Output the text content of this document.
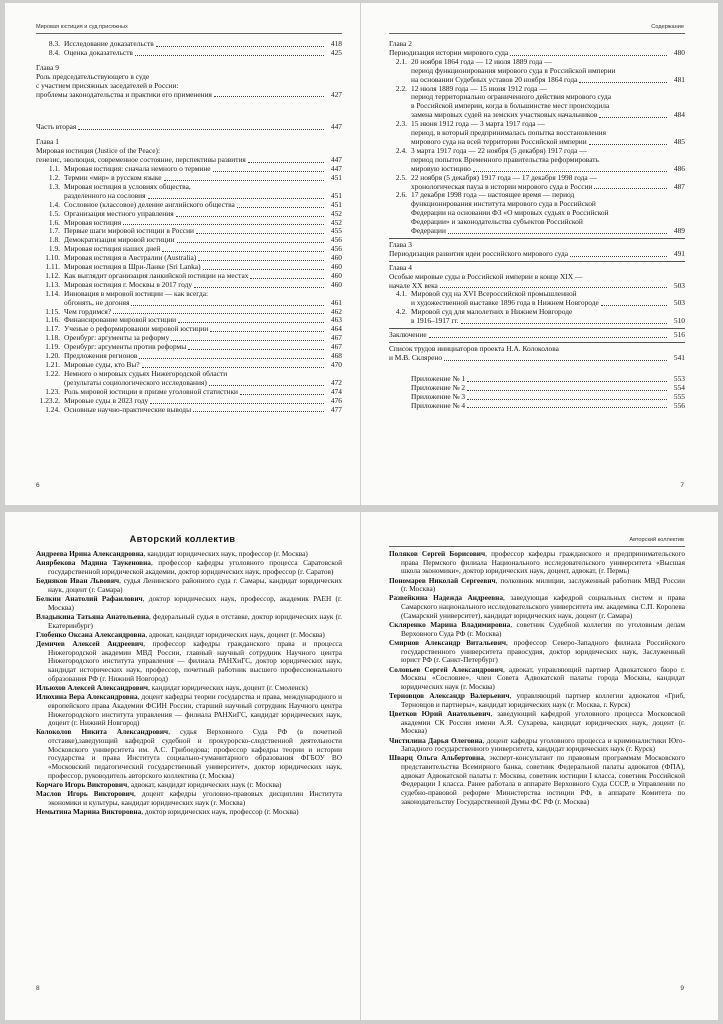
Мировая юстиция и суд присяжных
8.3. Исследование доказательств	418
8.4. Оценка доказательств	425
Глава 9
Роль председательствующего в суде
с участием присяжных заседателей в России:
проблемы законодательства и практики его применения	427
Часть вторая	447
Глава 1
Мировая юстиция (Justice of the Peace):
генезис, эволюция, современное состояние, перспективы развития	447
1.1. Мировая юстиция: сначала немного о термине	447
1.2. Термин «мир» в русском языке	451
1.3. Мировая юстиция в условиях общества,
разделенного на сословия	451
1.4. Сословное (классовое) деление английского общества	451
1.5. Организация местного управления	452
1.6. Мировая юстиция	452
1.7. Первые шаги мировой юстиции в России	455
1.8. Демократизация мировой юстиции	456
1.9. Мировая юстиция наших дней	456
1.10. Мировая юстиция в Австралии (Australia)	460
1.11. Мировая юстиция в Шри-Ланке (Sri Lanka)	460
1.12. Как выглядит организация ланкийской юстиции на местах	460
1.13. Мировая юстиция г. Москвы в 2017 году	460
1.14. Инновация в мировой юстиции — как всегда:
обгонять, не догоняя	461
1.15. Чем гордимся?	462
1.16. Финансирование мировой юстиции	463
1.17. Ученые о реформировании мировой юстиции	464
1.18. Оренбург: аргументы за реформу	467
1.19. Оренбург: аргументы против реформы	467
1.20. Предложения регионов	468
1.21. Мировые суды, кто Вы?	470
1.22. Немного о мировых судьях Нижегородской области
(результаты социологического исследования)	472
1.23. Роль мировой юстиции в призме уголовной статистики	474
1.23.2. Мировые суды в 2023 году	476
1.24. Основные научно-практические выводы	477
6
Содержание
Глава 2
Периодизация истории мирового суда	480
2.1. 20 ноября 1864 года — 12 июля 1889 года —
период функционирования мирового суда в Российской империи
на основании Судебных уставов 20 ноября 1864 года	481
2.2. 12 июля 1889 года — 15 июня 1912 года —
период территориально ограниченного действия мирового суда
в Российской империи, когда в большинстве мест происходила
замена мировых судей на земских участковых начальников	484
2.3. 15 июня 1912 года — 3 марта 1917 года —
период, в который предпринималась попытка восстановления
мирового суда на всей территории Российской империи	485
2.4. 3 марта 1917 года — 22 ноября (5 декабря) 1917 года —
период попыток Временного правительства реформировать
мировую юстицию	486
2.5. 22 ноября (5 декабря) 1917 года — 17 декабря 1998 года —
хронологическая пауза в истории мирового суда в России	487
2.6. 17 декабря 1998 года — настоящее время — период
функционирования института мирового суда в Российской
Федерации на основании ФЗ «О мировых судьях в Российской
Федерации» и законодательства субъектов Российской
Федерации	489
Глава 3
Периодизация развития идеи российского мирового суда	491
Глава 4
Особые мировые суды в Российской империи в конце XIX —
начале XX века	503
4.1. Мировой суд на XVI Всероссийской промышленной
и художественной выставке 1896 года в Нижнем Новгороде	503
4.2. Мировой суд для малолетних в Нижнем Новгороде
в 1916–1917 гг.	510
Заключение	516
Список трудов инициаторов проекта Н.А. Колоколова
и М.В. Склярено	541
Приложение № 1	553
Приложение № 2	554
Приложение № 3	555
Приложение № 4	556
7
Авторский коллектив
Андреева Ирина Александровна, кандидат юридических наук, профессор (г. Москва)
Анярбекова Мадина Таукеновна, профессор кафедры уголовного процесса Саратовской государственной юридической академии, доктор юридических наук, профессор (г. Саратов)
Бедняков Иван Львович, судья Ленинского районного суда г. Самары, кандидат юридических наук, доцент (г. Самара)
Белкин Анатолий Рафаилович, доктор юридических наук, профессор, академик РАЕН (г. Москва)
Владыкина Татьяна Анатольевна, федеральный судья в отставке, доктор юридических наук (г. Екатеринбург)
Глобенко Оксана Александровна, адвокат, кандидат юридических наук, доцент (г. Москва)
Демичев Алексей Андреевич, профессор кафедры гражданского права и процесса Нижегородской академии МВД России, главный научный сотрудник Научного центра Нижегородского института управления — филиала РАНХиГС, доктор юридических наук, кандидат исторических наук, профессор, почетный работник высшего профессионального образования РФ (г. Нижний Новгород)
Ильюхов Алексей Александрович, кандидат юридических наук, доцент (г. Смоленск)
Илюхина Вера Александровна, доцент кафедры теории государства и права, международного и европейского права Академии ФСИН России, старший научный сотрудник Научного центра Нижегородского института управления — филиала РАНХиГС, кандидат юридических наук, доцент (г. Нижний Новгород)
Колоколов Никита Александрович, судья Верховного Суда РФ (в почетной отставке),заведующий кафедрой судебной и прокурорско-следственной деятельности Московского университета им. А.С. Грибоедова; профессор кафедры теории и истории государства и права Института социально-гуманитарного образования ФГБОУ ВО «Московский педагогический государственный университет», доктор юридических наук, профессор, руководитель авторского коллектива (г. Москва)
Корчаго Игорь Викторович, адвокат, кандидат юридических наук (г. Москва)
Маслов Игорь Викторович, доцент кафедры уголовно-правовых дисциплин Института экономики и культуры, кандидат юридических наук (г. Москва)
Немытина Марина Викторовна, доктор юридических наук, профессор (г. Москва)
8
Авторский коллектив
Поляков Сергей Борисович, профессор кафедры гражданского и предпринимательского права Пермского филиала Национального исследовательского университета «Высшая школа экономики», доктор юридических наук, доцент, адвокат, (г. Пермь)
Пономарев Николай Сергеевич, полковник милиции, заслуженный работник МВД России (г. Москва)
Развейкина Надежда Андреевна, заведующая кафедрой социальных систем и права Самарского национального исследовательского университета им. академика С.П. Королева (Самарский университет), кандидат юридических наук, доцент (г. Самара)
Скляренко Марина Владимировна, советник Судебной коллегии по уголовным делам Верховного Суда РФ (г. Москва)
Смирнов Александр Витальевич, профессор Северо-Западного филиала Российского государственного университета правосудия, доктор юридических наук, Заслуженный юрист РФ (г. Санкт-Петербург)
Соловьев Сергей Александрович, адвокат, управляющий партнер Адвокатского бюро г. Москвы «Сословие», член Совета Адвокатской палаты города Москвы, кандидат юридических наук (г. Москва)
Терновцов Александр Валерьевич, управляющий партнер коллегии адвокатов «Гриб, Терновцов и партнеры», кандидат юридических наук (г. Москва, г. Курск)
Цветков Юрий Анатольевич, заведующий кафедрой уголовного процесса Московской академии СК России имени А.Я. Сухарева, кандидат юридических наук, доцент (г. Москва)
Чистилина Дарья Олеговна, доцент кафедры уголовного процесса и криминалистики Юго-Западного государственного университета, кандидат юридических наук (г. Курск)
Шварц Ольга Альбертовна, эксперт-консультант по правовым программам Московского представительства Всемирного банка, советник Федеральной палаты адвокатов (ФПА), адвокат Адвокатской палаты г. Москвы, советник юстиции I класса, советник Российской Федерации I класса. Ранее работала в аппарате Верховного Суда СССР, в Управлении по судебно-правовой реформе Министерства юстиции РФ, в аппарате Комитета по законодательству Государственной Думы ФС РФ (г. Москва)
9
